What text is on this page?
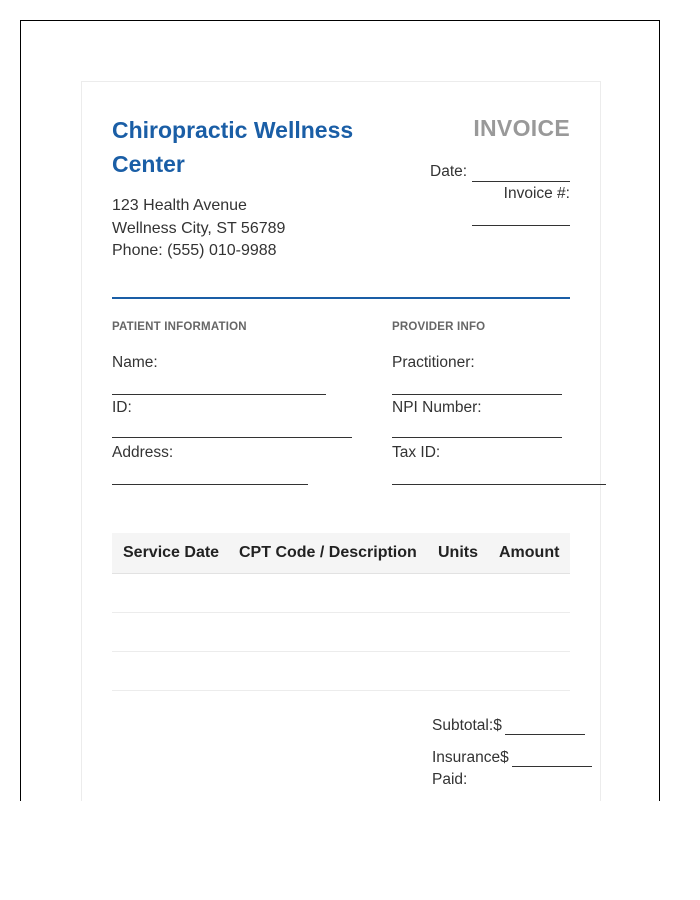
Chiropractic Wellness Center
123 Health Avenue
Wellness City, ST 56789
Phone: (555) 010-9988
INVOICE
Date:
Invoice #:
PATIENT INFORMATION
Name:
ID:
Address:
PROVIDER INFO
Practitioner:
NPI Number:
Tax ID:
Service Date CPT Code / Description Units Amount
Subtotal:$
Insurance$
Paid:
